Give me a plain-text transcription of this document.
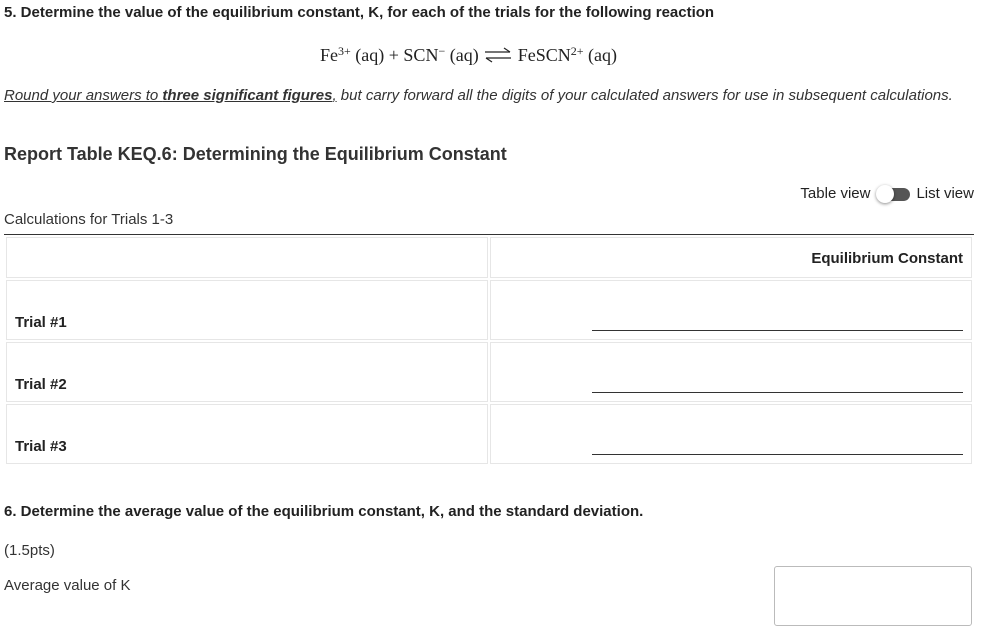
5. Determine the value of the equilibrium constant, K, for each of the trials for the following reaction
$Fe^{3+}$ (aq) + SCN− (aq) ⇌ FeSCN$^{2+}$ (aq)
Round your answers to three significant figures, but carry forward all the digits of your calculated answers for use in subsequent calculations.
Report Table KEQ.6: Determining the Equilibrium Constant
Table view	List view
Calculations for Trials 1-3
Equilibrium Constant
Trial #1
Trial #2
Trial #3
6. Determine the average value of the equilibrium constant, K, and the standard deviation.
(1.5pts)
Average value of K
